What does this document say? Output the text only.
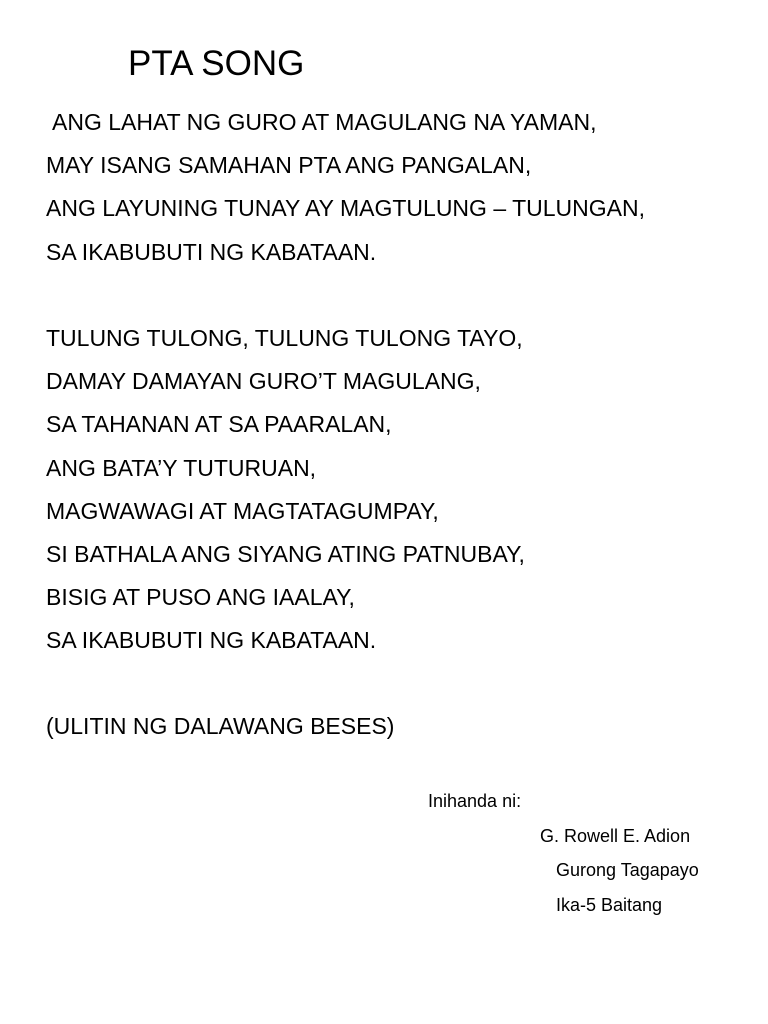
PTA SONG
ANG LAHAT NG GURO AT MAGULANG NA YAMAN,
MAY ISANG SAMAHAN PTA ANG PANGALAN,
ANG LAYUNING TUNAY AY MAGTULUNG – TULUNGAN,
SA IKABUBUTI NG KABATAAN.
TULUNG TULONG, TULUNG TULONG TAYO,
DAMAY DAMAYAN GURO’T MAGULANG,
SA TAHANAN AT SA PAARALAN,
ANG BATA’Y TUTURUAN,
MAGWAWAGI AT MAGTATAGUMPAY,
SI BATHALA ANG SIYANG ATING PATNUBAY,
BISIG AT PUSO ANG IAALAY,
SA IKABUBUTI NG KABATAAN.
(ULITIN NG DALAWANG BESES)
Inihanda ni:
G. Rowell E. Adion
Gurong Tagapayo
Ika-5 Baitang
